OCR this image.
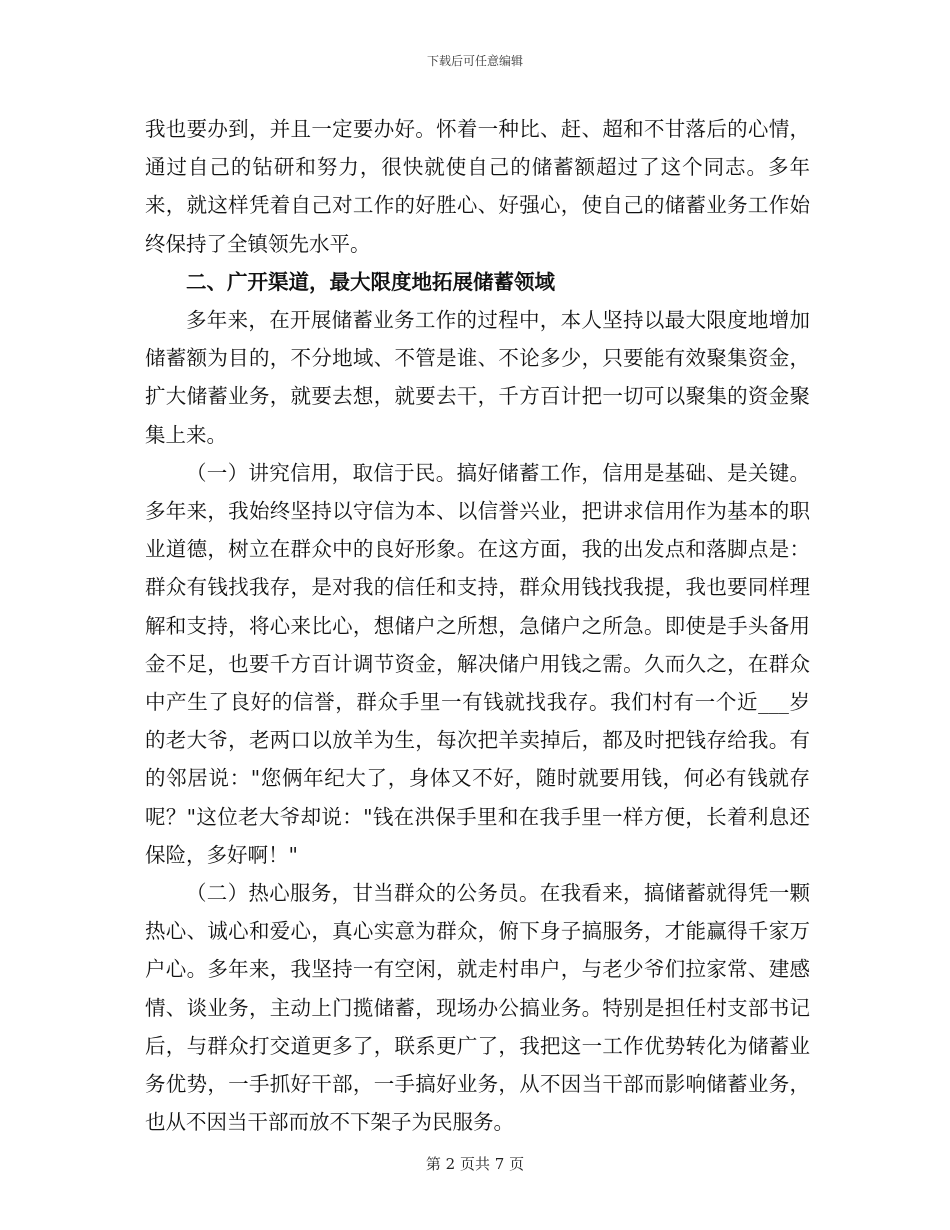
下载后可任意编辑

我也要办到，并且一定要办好。怀着一种比、赶、超和不甘落后的心情，通过自己的钻研和努力，很快就使自己的储蓄额超过了这个同志。多年来，就这样凭着自己对工作的好胜心、好强心，使自己的储蓄业务工作始终保持了全镇领先水平。

二、广开渠道，最大限度地拓展储蓄领域

多年来，在开展储蓄业务工作的过程中，本人坚持以最大限度地增加储蓄额为目的，不分地域、不管是谁、不论多少，只要能有效聚集资金，扩大储蓄业务，就要去想，就要去干，千方百计把一切可以聚集的资金聚集上来。

（一）讲究信用，取信于民。搞好储蓄工作，信用是基础、是关键。多年来，我始终坚持以守信为本、以信誉兴业，把讲求信用作为基本的职业道德，树立在群众中的良好形象。在这方面，我的出发点和落脚点是：群众有钱找我存，是对我的信任和支持，群众用钱找我提，我也要同样理解和支持，将心来比心，想储户之所想，急储户之所急。即使是手头备用金不足，也要千方百计调节资金，解决储户用钱之需。久而久之，在群众中产生了良好的信誉，群众手里一有钱就找我存。我们村有一个近___岁的老大爷，老两口以放羊为生，每次把羊卖掉后，都及时把钱存给我。有的邻居说："您俩年纪大了，身体又不好，随时就要用钱，何必有钱就存呢？"这位老大爷却说："钱在洪保手里和在我手里一样方便，长着利息还保险，多好啊！"

（二）热心服务，甘当群众的公务员。在我看来，搞储蓄就得凭一颗热心、诚心和爱心，真心实意为群众，俯下身子搞服务，才能赢得千家万户心。多年来，我坚持一有空闲，就走村串户，与老少爷们拉家常、建感情、谈业务，主动上门揽储蓄，现场办公搞业务。特别是担任村支部书记后，与群众打交道更多了，联系更广了，我把这一工作优势转化为储蓄业务优势，一手抓好干部，一手搞好业务，从不因当干部而影响储蓄业务，也从不因当干部而放不下架子为民服务。

第 2 页共 7 页
